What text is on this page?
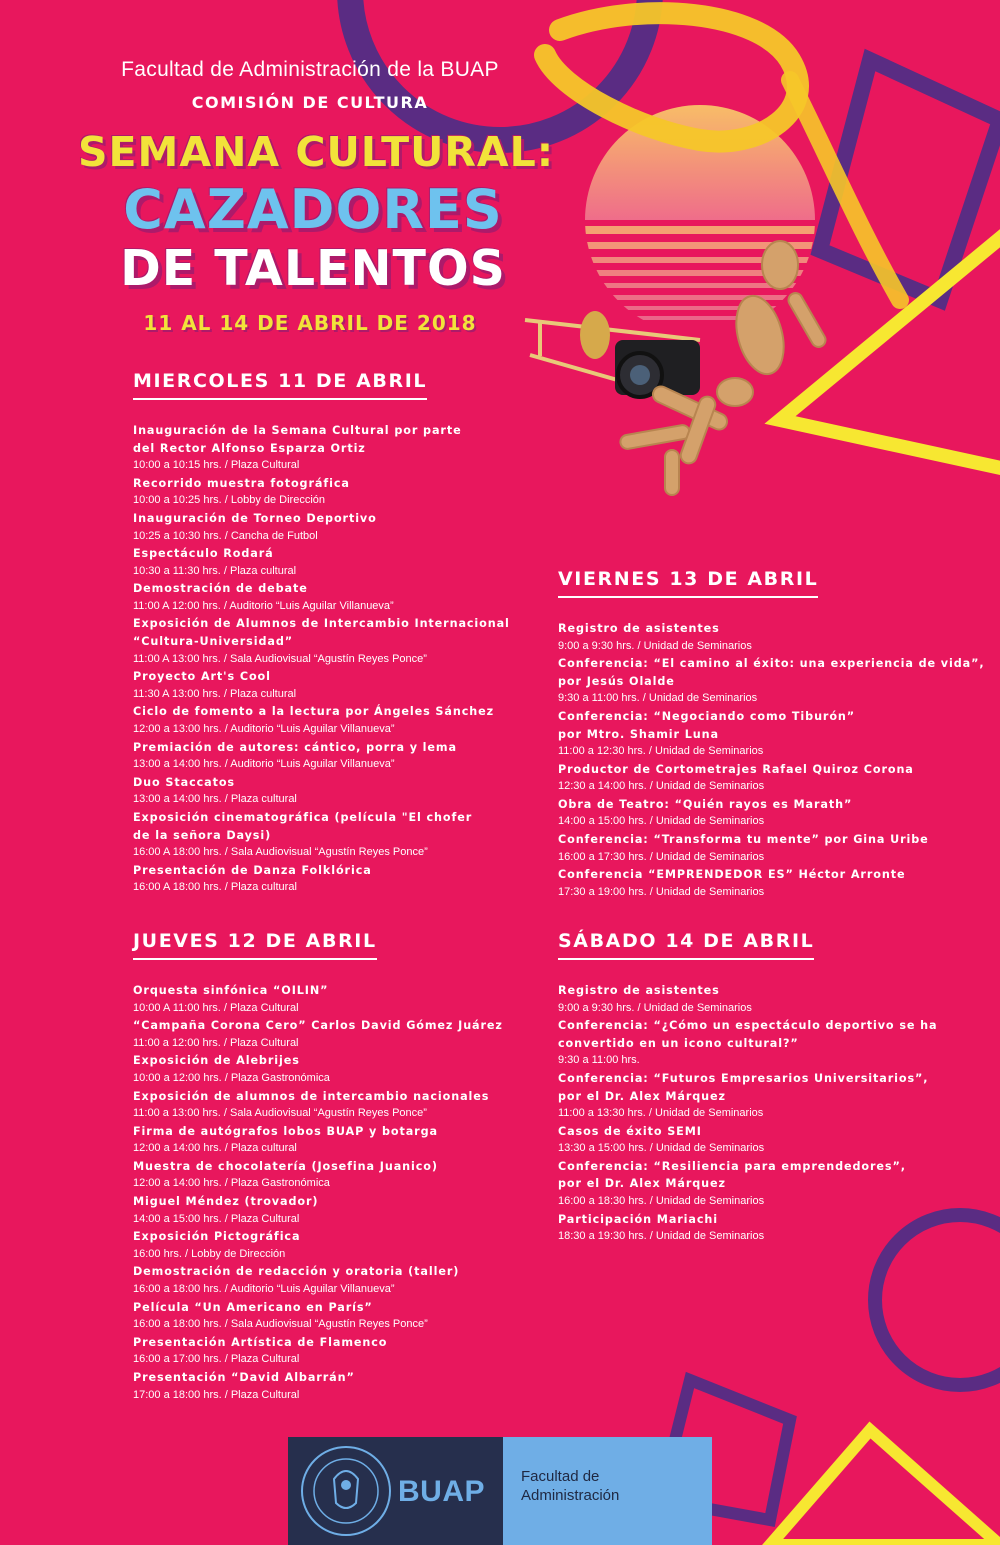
Facultad de Administración de la BUAP
COMISIÓN DE CULTURA
SEMANA CULTURAL:
CAZADORES
DE TALENTOS
11 AL 14 DE ABRIL DE 2018
MIERCOLES 11 DE ABRIL
Inauguración de la Semana Cultural por parte
del Rector Alfonso Esparza Ortiz
10:00 a 10:15 hrs. / Plaza Cultural
Recorrido muestra fotográfica
10:00 a 10:25 hrs. / Lobby de Dirección
Inauguración de Torneo Deportivo
10:25 a 10:30 hrs. / Cancha de Futbol
Espectáculo Rodará
10:30 a 11:30 hrs. / Plaza cultural
Demostración de debate
11:00 A 12:00 hrs. / Auditorio “Luis Aguilar Villanueva”
Exposición de Alumnos de Intercambio Internacional
“Cultura-Universidad”
11:00 A 13:00 hrs. / Sala Audiovisual “Agustín Reyes Ponce”
Proyecto Art's Cool
11:30 A 13:00 hrs. / Plaza cultural
Ciclo de fomento a la lectura por Ángeles Sánchez
12:00 a 13:00 hrs. / Auditorio “Luis Aguilar Villanueva”
Premiación de autores: cántico, porra y lema
13:00 a 14:00 hrs. / Auditorio “Luis Aguilar Villanueva”
Duo Staccatos
13:00 a 14:00 hrs. / Plaza cultural
Exposición cinematográfica (película "El chofer
de la señora Daysi)
16:00 A 18:00 hrs. / Sala Audiovisual “Agustín Reyes Ponce”
Presentación de Danza Folklórica
16:00 A 18:00 hrs. / Plaza cultural
JUEVES 12 DE ABRIL
Orquesta sinfónica “OILIN”
10:00 A 11:00 hrs. / Plaza Cultural
“Campaña Corona Cero” Carlos David Gómez Juárez
11:00 a 12:00 hrs. / Plaza Cultural
Exposición de Alebrijes
10:00 a 12:00 hrs. / Plaza Gastronómica
Exposición de alumnos de intercambio nacionales
11:00 a 13:00 hrs. / Sala Audiovisual “Agustín Reyes Ponce”
Firma de autógrafos lobos BUAP y botarga
12:00 a 14:00 hrs. / Plaza cultural
Muestra de chocolatería (Josefina Juanico)
12:00 a 14:00 hrs. / Plaza Gastronómica
Miguel Méndez (trovador)
14:00 a 15:00 hrs. / Plaza Cultural
Exposición Pictográfica
16:00 hrs. / Lobby de Dirección
Demostración de redacción y oratoria (taller)
16:00 a 18:00 hrs. / Auditorio “Luis Aguilar Villanueva”
Película “Un Americano en París”
16:00 a 18:00 hrs. / Sala Audiovisual “Agustín Reyes Ponce”
Presentación Artística de Flamenco
16:00 a 17:00 hrs. / Plaza Cultural
Presentación “David Albarrán”
17:00 a 18:00 hrs. / Plaza Cultural
VIERNES 13 DE ABRIL
Registro de asistentes
9:00 a 9:30 hrs. / Unidad de Seminarios
Conferencia: “El camino al éxito: una experiencia de vida”,
por Jesús Olalde
9:30 a 11:00 hrs. / Unidad de Seminarios
Conferencia: “Negociando como Tiburón”
por Mtro. Shamir Luna
11:00 a 12:30 hrs. / Unidad de Seminarios
Productor de Cortometrajes Rafael Quiroz Corona
12:30 a 14:00 hrs. / Unidad de Seminarios
Obra de Teatro: “Quién rayos es Marath”
14:00 a 15:00 hrs. / Unidad de Seminarios
Conferencia: “Transforma tu mente” por Gina Uribe
16:00 a 17:30 hrs. / Unidad de Seminarios
Conferencia “EMPRENDEDOR ES” Héctor Arronte
17:30 a 19:00 hrs. / Unidad de Seminarios
SÁBADO 14 DE ABRIL
Registro de asistentes
9:00 a 9:30 hrs. / Unidad de Seminarios
Conferencia: “¿Cómo un espectáculo deportivo se ha
convertido en un icono cultural?”
9:30 a 11:00 hrs.
Conferencia: “Futuros Empresarios Universitarios”,
por el Dr. Alex Márquez
11:00 a 13:30 hrs. / Unidad de Seminarios
Casos de éxito SEMI
13:30 a 15:00 hrs. / Unidad de Seminarios
Conferencia: “Resiliencia para emprendedores”,
por el Dr. Alex Márquez
16:00 a 18:30 hrs. / Unidad de Seminarios
Participación Mariachi
18:30 a 19:30 hrs. / Unidad de Seminarios
BUAP Facultad de
Administración
